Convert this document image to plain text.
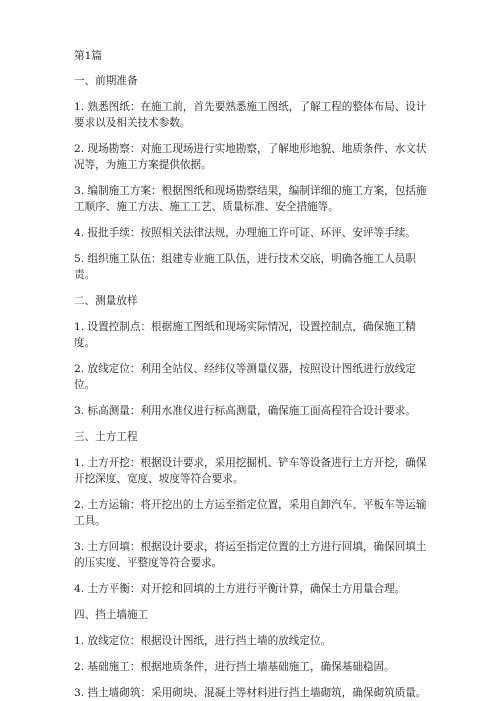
第1篇

一、前期准备

1. 熟悉图纸：在施工前，首先要熟悉施工图纸，了解工程的整体布局、设计要求以及相关技术参数。

2. 现场勘察：对施工现场进行实地勘察，了解地形地貌、地质条件、水文状况等，为施工方案提供依据。

3. 编制施工方案：根据图纸和现场勘察结果，编制详细的施工方案，包括施工顺序、施工方法、施工工艺、质量标准、安全措施等。

4. 报批手续：按照相关法律法规，办理施工许可证、环评、安评等手续。

5. 组织施工队伍：组建专业施工队伍，进行技术交底，明确各施工人员职责。

二、测量放样

1. 设置控制点：根据施工图纸和现场实际情况，设置控制点，确保施工精度。

2. 放线定位：利用全站仪、经纬仪等测量仪器，按照设计图纸进行放线定位。

3. 标高测量：利用水准仪进行标高测量，确保施工面高程符合设计要求。

三、土方工程

1. 土方开挖：根据设计要求，采用挖掘机、铲车等设备进行土方开挖，确保开挖深度、宽度、坡度等符合要求。

2. 土方运输：将开挖出的土方运至指定位置，采用自卸汽车、平板车等运输工具。

3. 土方回填：根据设计要求，将运至指定位置的土方进行回填，确保回填土的压实度、平整度等符合要求。

4. 土方平衡：对开挖和回填的土方进行平衡计算，确保土方用量合理。

四、挡土墙施工

1. 放线定位：根据设计图纸，进行挡土墙的放线定位。

2. 基础施工：根据地质条件，进行挡土墙基础施工，确保基础稳固。

3. 挡土墙砌筑：采用砌块、混凝土等材料进行挡土墙砌筑，确保砌筑质量。
